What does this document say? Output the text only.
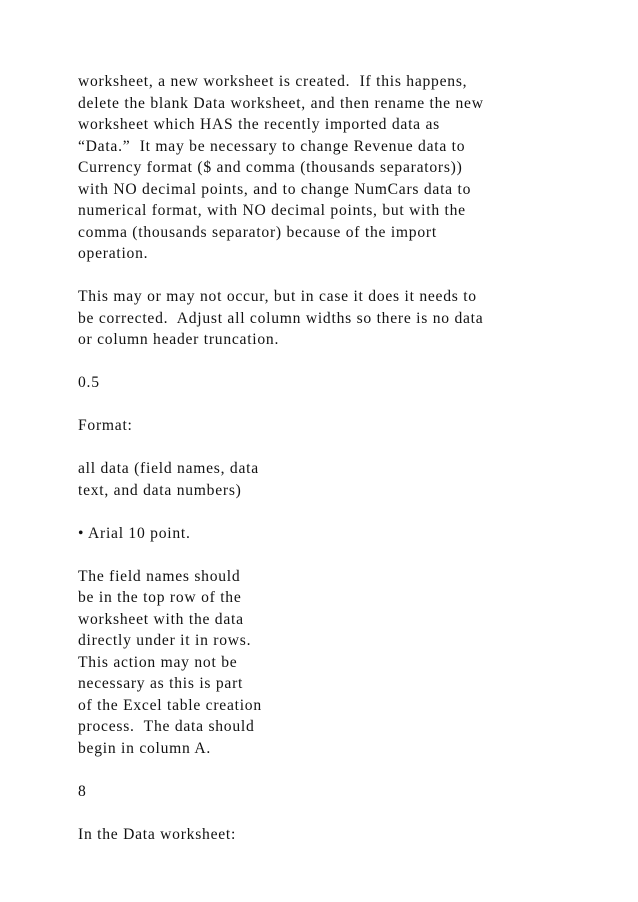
worksheet, a new worksheet is created.  If this happens,
delete the blank Data worksheet, and then rename the new
worksheet which HAS the recently imported data as
“Data.”  It may be necessary to change Revenue data to
Currency format ($ and comma (thousands separators))
with NO decimal points, and to change NumCars data to
numerical format, with NO decimal points, but with the
comma (thousands separator) because of the import
operation.
This may or may not occur, but in case it does it needs to
be corrected.  Adjust all column widths so there is no data
or column header truncation.
0.5
Format:
all data (field names, data
text, and data numbers)
• Arial 10 point.
The field names should
be in the top row of the
worksheet with the data
directly under it in rows.
This action may not be
necessary as this is part
of the Excel table creation
process.  The data should
begin in column A.
8
In the Data worksheet:
